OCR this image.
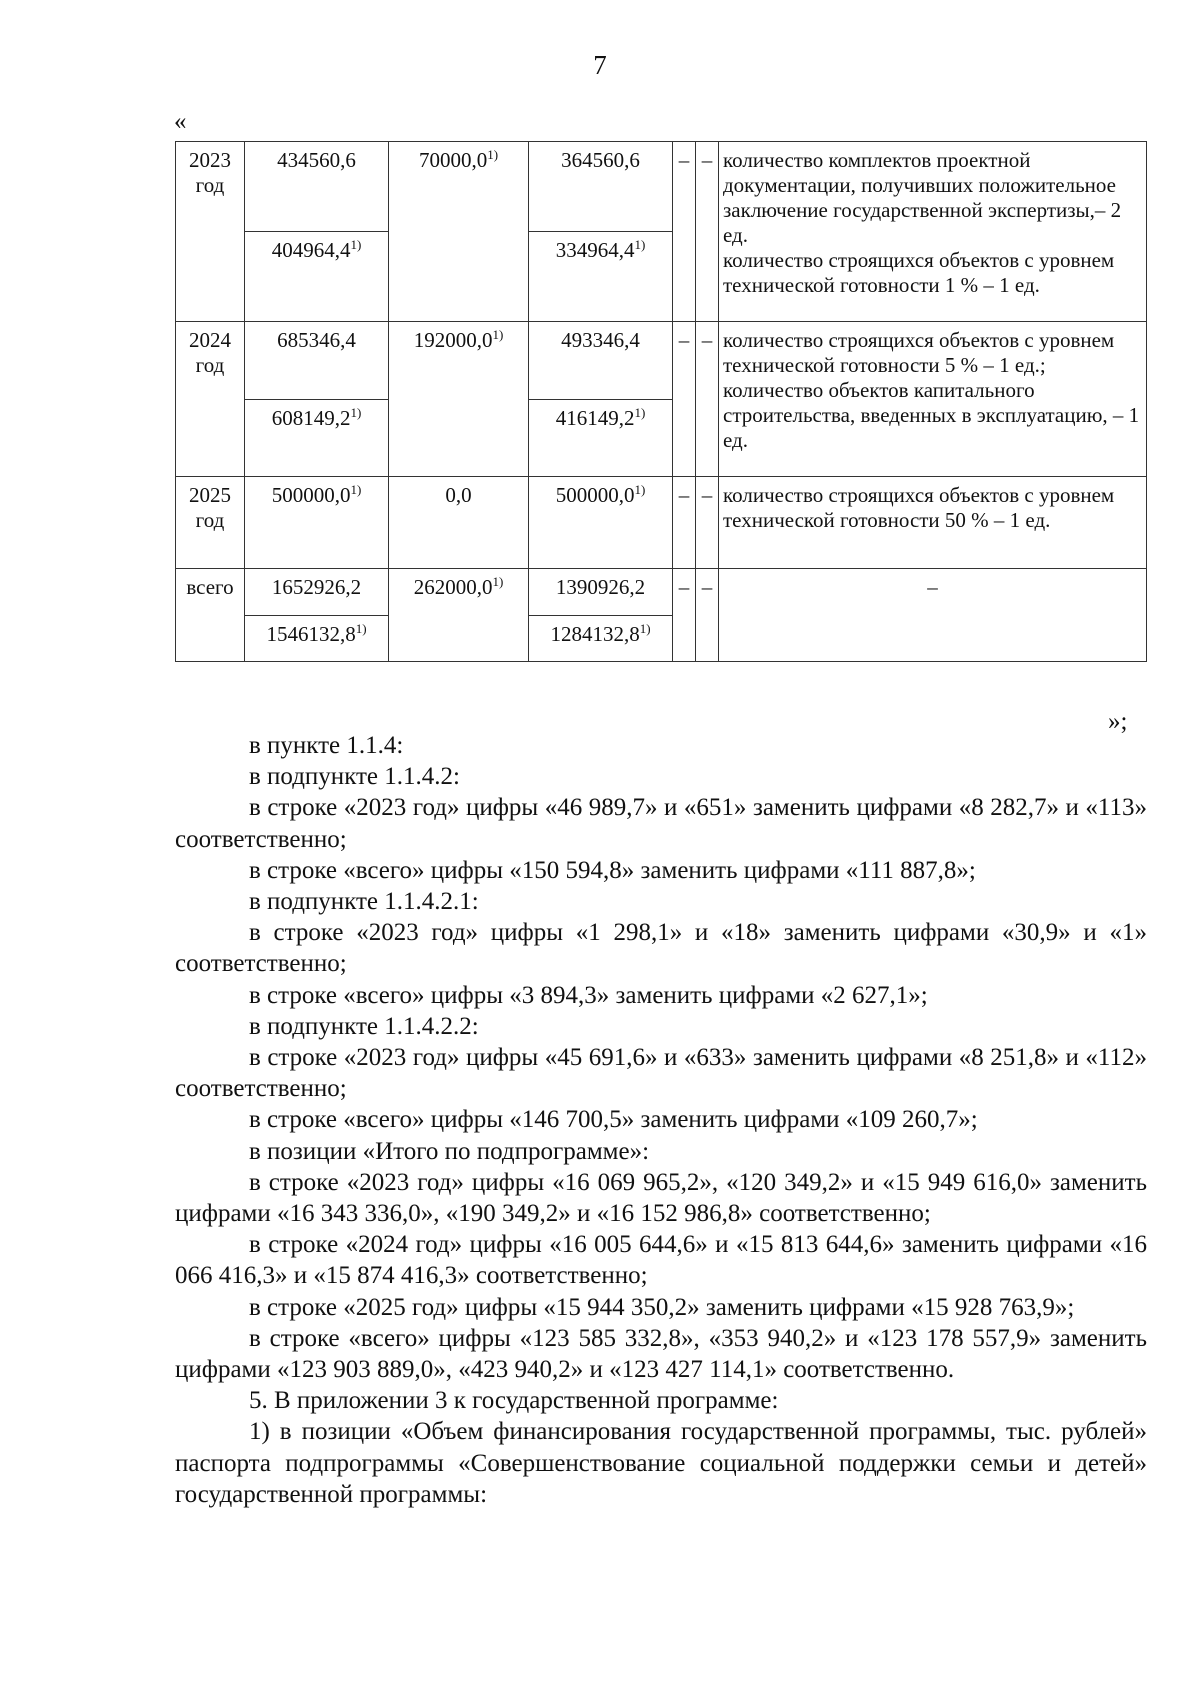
7
«
2023 год	434560,6	70000,0$^{1)}$	364560,6	–	–	количество комплектов проектной документации, получивших положительное заключение государственной экспертизы,– 2 ед.
количество строящихся объектов с уровнем технической готовности 1 % – 1 ед.
	404964,4$^{1)}$		334964,4$^{1)}$
2024 год	685346,4	192000,0$^{1)}$	493346,4	–	–	количество строящихся объектов с уровнем технической готовности 5 % – 1 ед.;
количество объектов капитального строительства, введенных в эксплуатацию, – 1 ед.
	608149,2$^{1)}$		416149,2$^{1)}$
2025 год	500000,0$^{1)}$	0,0	500000,0$^{1)}$	–	–	количество строящихся объектов с уровнем технической готовности 50 % – 1 ед.
всего	1652926,2	262000,0$^{1)}$	1390926,2	–	–	–
	1546132,8$^{1)}$		1284132,8$^{1)}$
»;

в пункте 1.1.4:

в подпункте 1.1.4.2:

в строке «2023 год» цифры «46 989,7» и «651» заменить цифрами «8 282,7» и «113» соответственно;

в строке «всего» цифры «150 594,8» заменить цифрами «111 887,8»;

в подпункте 1.1.4.2.1:

в строке «2023 год» цифры «1 298,1» и «18» заменить цифрами «30,9» и «1» соответственно;

в строке «всего» цифры «3 894,3» заменить цифрами «2 627,1»;

в подпункте 1.1.4.2.2:

в строке «2023 год» цифры «45 691,6» и «633» заменить цифрами «8 251,8» и «112» соответственно;

в строке «всего» цифры «146 700,5» заменить цифрами «109 260,7»;

в позиции «Итого по подпрограмме»:

в строке «2023 год» цифры «16 069 965,2», «120 349,2» и «15 949 616,0» заменить цифрами «16 343 336,0», «190 349,2» и «16 152 986,8» соответственно;

в строке «2024 год» цифры «16 005 644,6» и «15 813 644,6» заменить цифрами «16 066 416,3» и «15 874 416,3» соответственно;

в строке «2025 год» цифры «15 944 350,2» заменить цифрами «15 928 763,9»;

в строке «всего» цифры «123 585 332,8», «353 940,2» и «123 178 557,9» заменить цифрами «123 903 889,0», «423 940,2» и «123 427 114,1» соответственно.

5. В приложении 3 к государственной программе:

1) в позиции «Объем финансирования государственной программы, тыс. рублей» паспорта подпрограммы «Совершенствование социальной поддержки семьи и детей» государственной программы:
